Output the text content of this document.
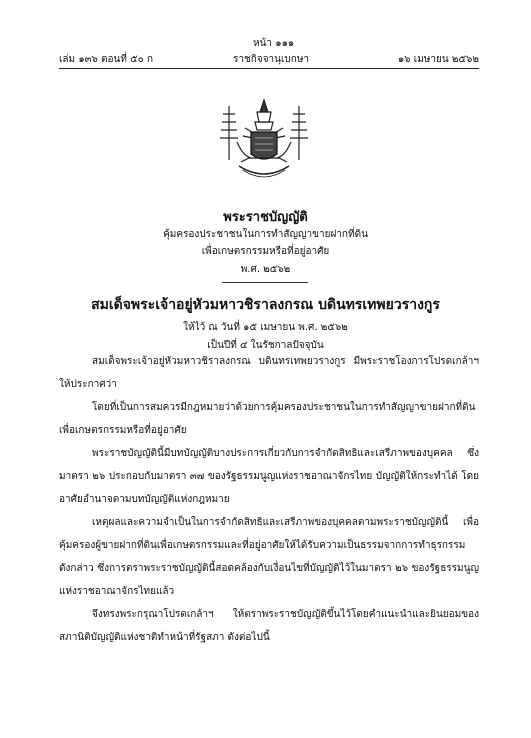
หน้า ๑๑๑
เล่ม ๑๓๖ ตอนที่ ๕๐ ก	ราชกิจจานุเบกษา	๑๖ เมษายน ๒๕๖๒
พระราชบัญญัติ
คุ้มครองประชาชนในการทำสัญญาขายฝากที่ดิน
เพื่อเกษตรกรรมหรือที่อยู่อาศัย
พ.ศ. ๒๕๖๒
สมเด็จพระเจ้าอยู่หัวมหาวชิราลงกรณ บดินทรเทพยวรางกูร
ให้ไว้ ณ วันที่ ๑๕ เมษายน พ.ศ. ๒๕๖๒
เป็นปีที่ ๔ ในรัชกาลปัจจุบัน

สมเด็จพระเจ้าอยู่หัวมหาวชิราลงกรณ บดินทรเทพยวรางกูร มีพระราชโองการโปรดเกล้าฯ ให้ประกาศว่า

โดยที่เป็นการสมควรมีกฎหมายว่าด้วยการคุ้มครองประชาชนในการทำสัญญาขายฝากที่ดิน เพื่อเกษตรกรรมหรือที่อยู่อาศัย

พระราชบัญญัตินี้มีบทบัญญัติบางประการเกี่ยวกับการจำกัดสิทธิและเสรีภาพของบุคคล ซึ่งมาตรา ๒๖ ประกอบกับมาตรา ๓๗ ของรัฐธรรมนูญแห่งราชอาณาจักรไทย บัญญัติให้กระทำได้ โดยอาศัยอำนาจตามบทบัญญัติแห่งกฎหมาย

เหตุผลและความจำเป็นในการจำกัดสิทธิและเสรีภาพของบุคคลตามพระราชบัญญัตินี้ เพื่อคุ้มครองผู้ขายฝากที่ดินเพื่อเกษตรกรรมและที่อยู่อาศัยให้ได้รับความเป็นธรรมจากการทำธุรกรรม ดังกล่าว ซึ่งการตราพระราชบัญญัตินี้สอดคล้องกับเงื่อนไขที่บัญญัติไว้ในมาตรา ๒๖ ของรัฐธรรมนูญ แห่งราชอาณาจักรไทยแล้ว

จึงทรงพระกรุณาโปรดเกล้าฯ ให้ตราพระราชบัญญัติขึ้นไว้โดยคำแนะนำและยินยอมของ สภานิติบัญญัติแห่งชาติทำหน้าที่รัฐสภา ดังต่อไปนี้
